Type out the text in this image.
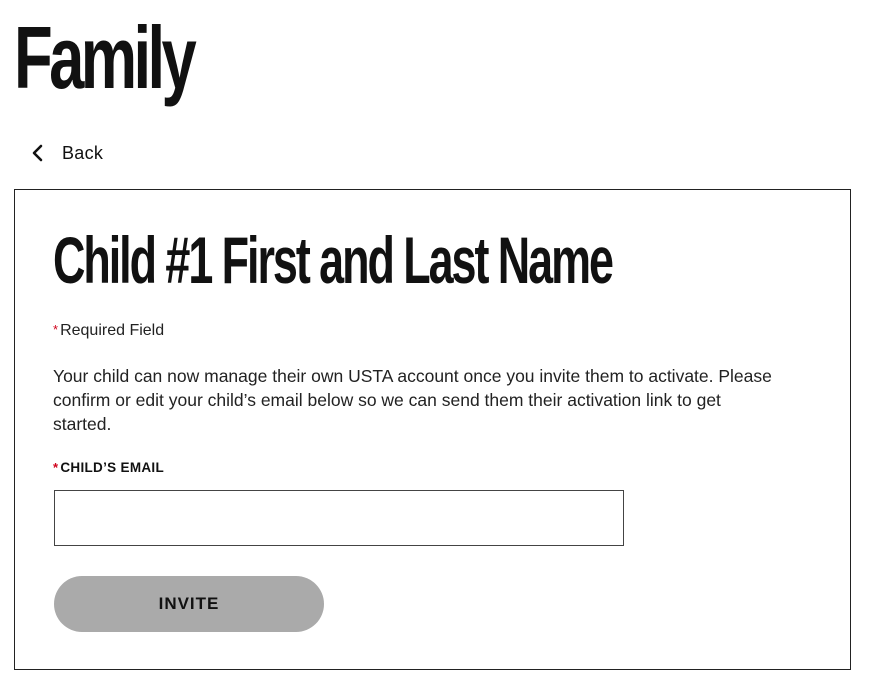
Family
Back
Child #1 First and Last Name
* Required Field

Your child can now manage their own USTA account once you invite them to activate. Please confirm or edit your child’s email below so we can send them their activation link to get started.

* CHILD’S EMAIL
INVITE
